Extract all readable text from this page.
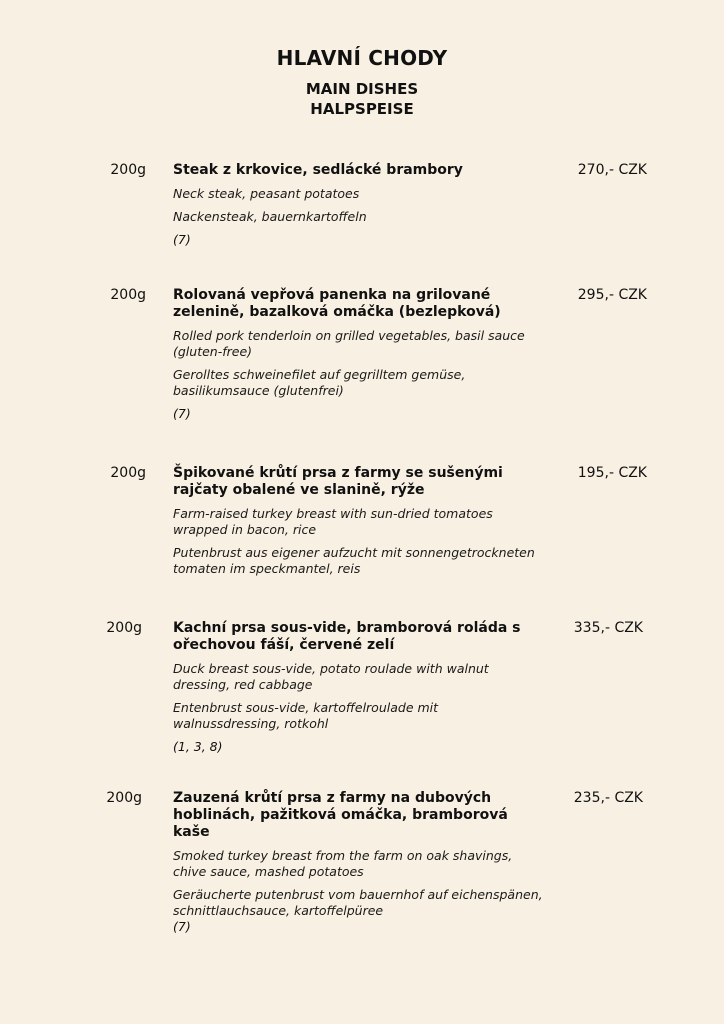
HLAVNÍ CHODY
MAIN DISHES
HALPSPEISE
200g Steak z krkovice, sedlácké brambory

Neck steak, peasant potatoes

Nackensteak, bauernkartoffeln

(7)
270,- CZK
200g Rolovaná vepřová panenka na grilované zelenině, bazalková omáčka (bezlepková)

Rolled pork tenderloin on grilled vegetables, basil sauce (gluten-free)

Gerolltes schweinefilet auf gegrilltem gemüse, basilikumsauce (glutenfrei)

(7)
295,- CZK
200g Špikované krůtí prsa z farmy se sušenými rajčaty obalené ve slanině, rýže

Farm-raised turkey breast with sun-dried tomatoes wrapped in bacon, rice

Putenbrust aus eigener aufzucht mit sonnengetrockneten tomaten im speckmantel, reis

195,- CZK
200g Kachní prsa sous-vide, bramborová roláda s ořechovou fáší, červené zelí

Duck breast sous-vide, potato roulade with walnut dressing, red cabbage

Entenbrust sous-vide, kartoffelroulade mit walnussdressing, rotkohl

(1, 3, 8)
335,- CZK
200g Zauzená krůtí prsa z farmy na dubových hoblinách, pažitková omáčka, bramborová kaše

Smoked turkey breast from the farm on oak shavings, chive sauce, mashed potatoes

Geräucherte putenbrust vom bauernhof auf eichenspänen, schnittlauchsauce, kartoffelpüree

(7)
235,- CZK
